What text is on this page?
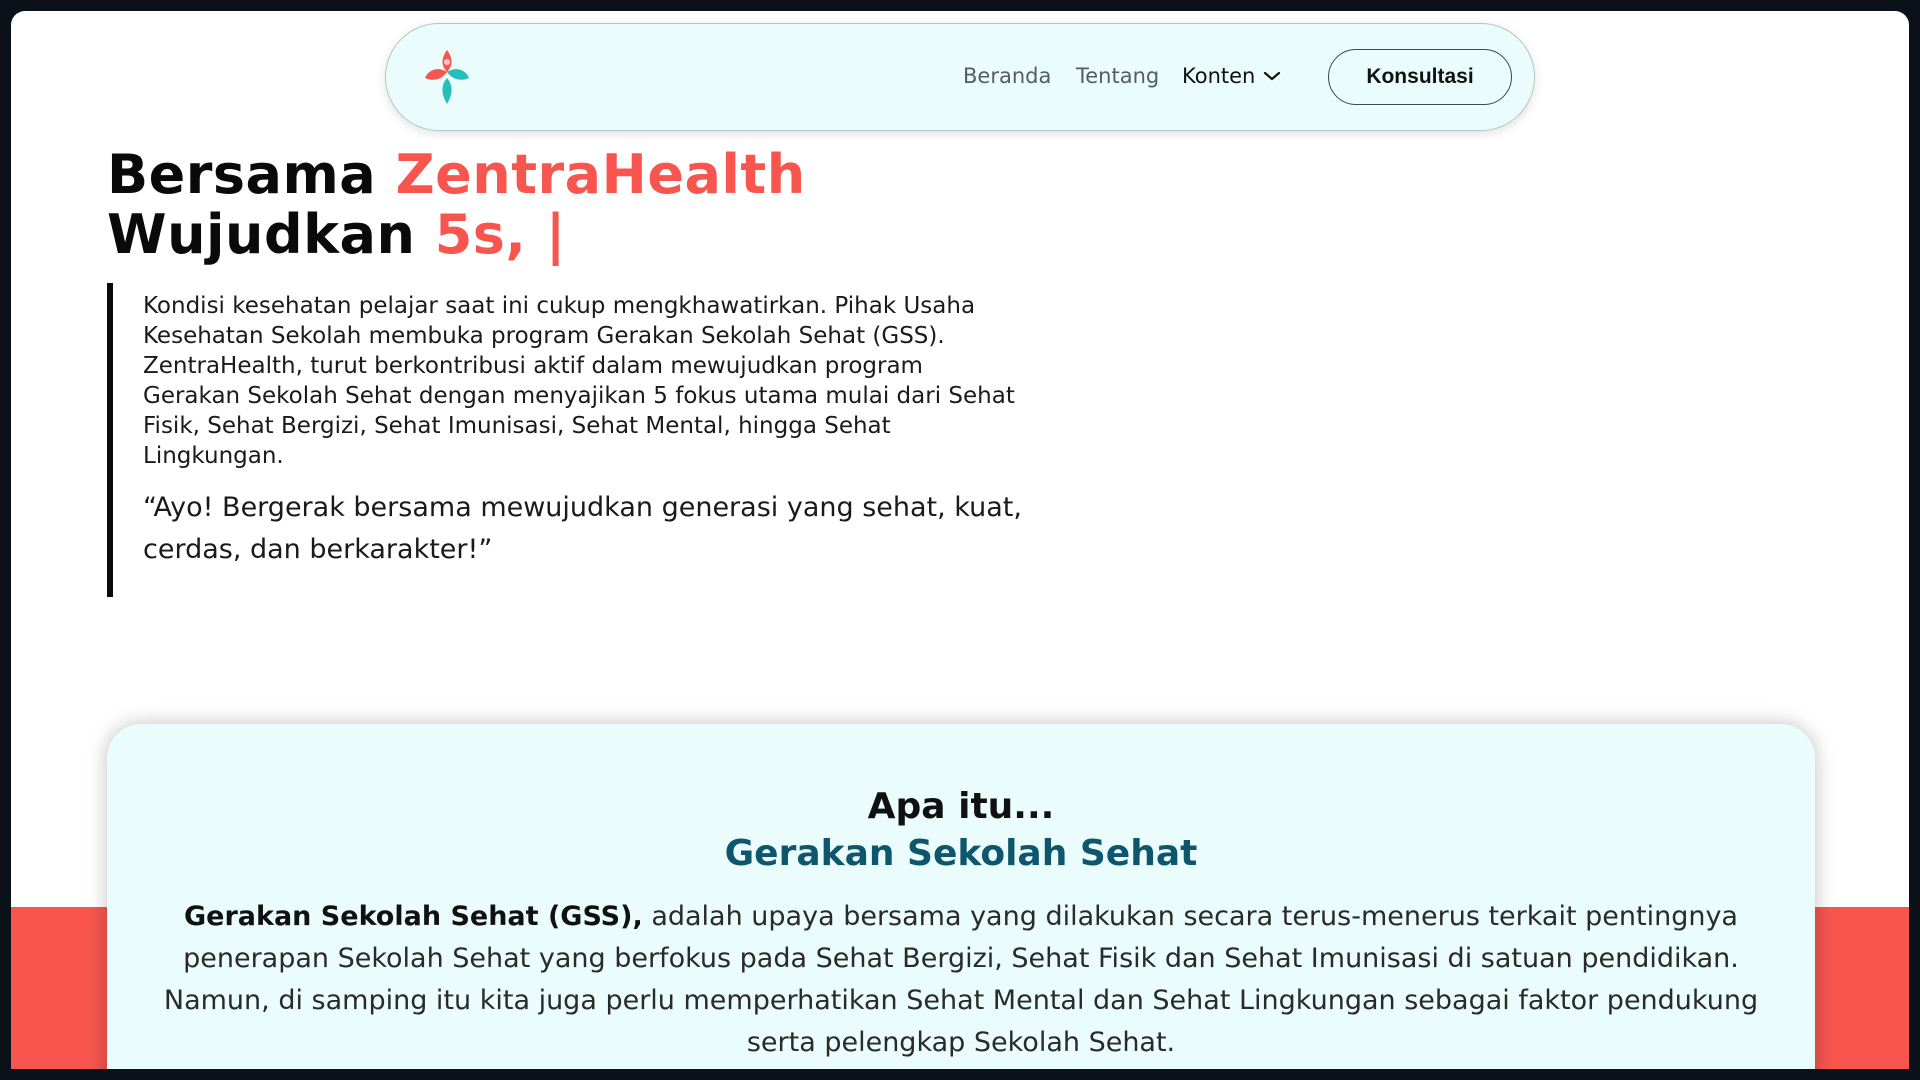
Beranda Tentang Konten	Konsultasi
Bersama ZentraHealth
Wujudkan 5s, |

Kondisi kesehatan pelajar saat ini cukup mengkhawatirkan. Pihak Usaha Kesehatan Sekolah membuka program Gerakan Sekolah Sehat (GSS). ZentraHealth, turut berkontribusi aktif dalam mewujudkan program Gerakan Sekolah Sehat dengan menyajikan 5 fokus utama mulai dari Sehat Fisik, Sehat Bergizi, Sehat Imunisasi, Sehat Mental, hingga Sehat Lingkungan.

“Ayo! Bergerak bersama mewujudkan generasi yang sehat, kuat, cerdas, dan berkarakter!”

Apa itu...
Gerakan Sekolah Sehat

Gerakan Sekolah Sehat (GSS), adalah upaya bersama yang dilakukan secara terus-menerus terkait pentingnya penerapan Sekolah Sehat yang berfokus pada Sehat Bergizi, Sehat Fisik dan Sehat Imunisasi di satuan pendidikan. Namun, di samping itu kita juga perlu memperhatikan Sehat Mental dan Sehat Lingkungan sebagai faktor pendukung serta pelengkap Sekolah Sehat.
